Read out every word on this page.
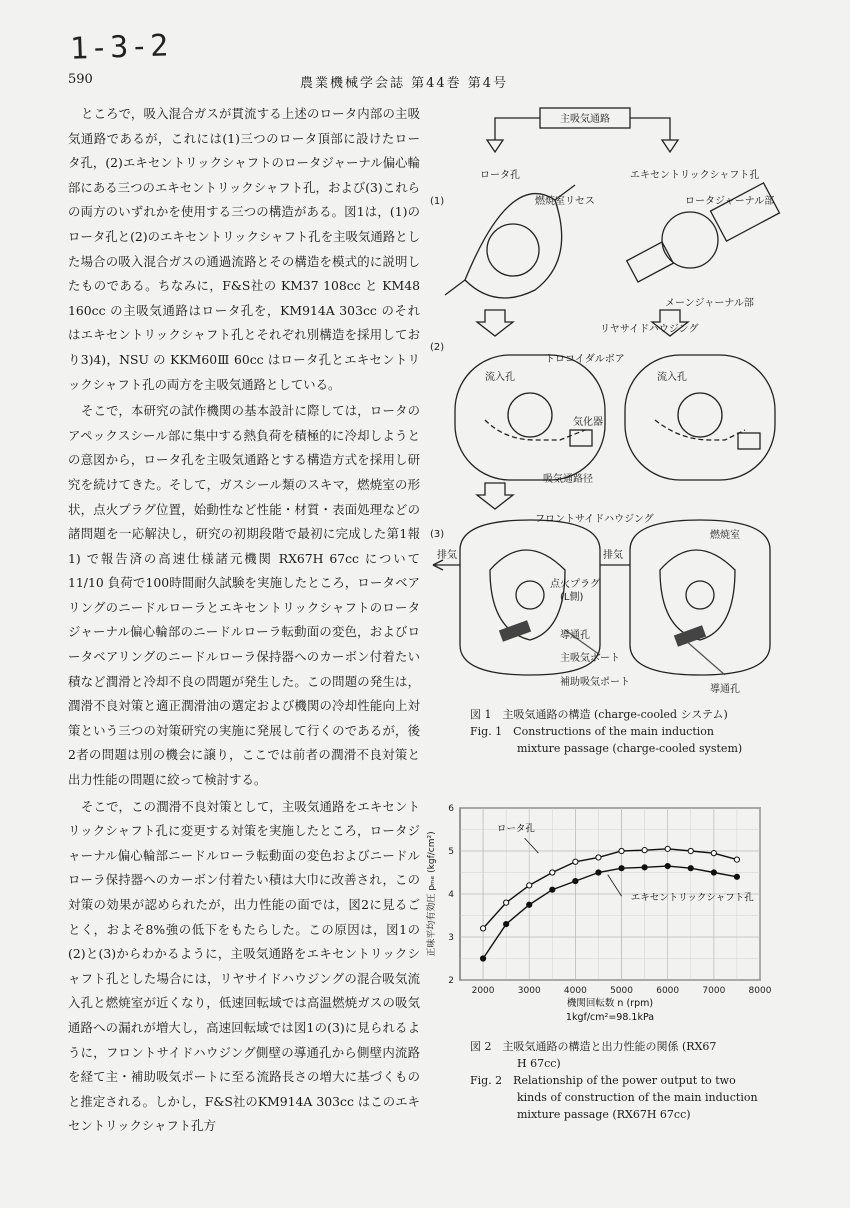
1-3-2
590	農業機械学会誌 第44巻 第4号

ところで，吸入混合ガスが貫流する上述のロータ内部の主吸気通路であるが，これには(1)三つのロータ頂部に設けたロータ孔，(2)エキセントリックシャフトのロータジャーナル偏心輪部にある三つのエキセントリックシャフト孔，および(3)これらの両方のいずれかを使用する三つの構造がある。図1は，(1)のロータ孔と(2)のエキセントリックシャフト孔を主吸気通路とした場合の吸入混合ガスの通過流路とその構造を模式的に説明したものである。ちなみに，F&S社の KM37 108cc と KM48 160cc の主吸気通路はロータ孔を，KM914A 303cc のそれはエキセントリックシャフト孔とそれぞれ別構造を採用しており3)4)，NSU の KKM60Ⅲ 60cc はロータ孔とエキセントリックシャフト孔の両方を主吸気通路としている。

そこで，本研究の試作機関の基本設計に際しては，ロータのアペックスシール部に集中する熱負荷を積極的に冷却しようとの意図から，ロータ孔を主吸気通路とする構造方式を採用し研究を続けてきた。そして，ガスシール類のスキマ，燃焼室の形状，点火プラグ位置，始動性など性能・材質・表面処理などの諸問題を一応解決し，研究の初期段階で最初に完成した第1報1) で報告済の高速仕様諸元機関 RX67H 67cc について 11/10 負荷で100時間耐久試験を実施したところ，ロータベアリングのニードルローラとエキセントリックシャフトのロータジャーナル偏心輪部のニードルローラ転動面の変色，およびロータベアリングのニードルローラ保持器へのカーボン付着たい積など潤滑と冷却不良の問題が発生した。この問題の発生は，潤滑不良対策と適正潤滑油の選定および機関の冷却性能向上対策という三つの対策研究の実施に発展して行くのであるが，後2者の問題は別の機会に譲り，ここでは前者の潤滑不良対策と出力性能の問題に絞って検討する。

そこで，この潤滑不良対策として，主吸気通路をエキセントリックシャフト孔に変更する対策を実施したところ，ロータジャーナル偏心輪部ニードルローラ転動面の変色およびニードルローラ保持器へのカーボン付着たい積は大巾に改善され，この対策の効果が認められたが，出力性能の面では，図2に見るごとく，およそ8%強の低下をもたらした。この原因は，図1の(2)と(3)からわかるように，主吸気通路をエキセントリックシャフト孔とした場合には，リヤサイドハウジングの混合吸気流入孔と燃焼室が近くなり，低速回転域では高温燃焼ガスの吸気通路への漏れが増大し，高速回転域では図1の(3)に見られるように，フロントサイドハウジング側壁の導通孔から側壁内流路を経て主・補助吸気ポートに至る流路長さの増大に基づくものと推定される。しかし，F&S社のKM914A 303cc はこのエキセントリックシャフト孔方

主吸気通路
ロータ孔	エキセントリックシャフト孔
(1)	燃焼室リセス	ロータジャーナル部
メーンジャーナル部
リヤサイドハウジング
(2)
トロコイダルボア
流入孔	流入孔
気化器
吸気通路径
(3)
フロントサイドハウジング
燃焼室
排気	排気
点火プラグ
(L側)
導通孔
導通孔
主吸気ポート
補助吸気ポート
図 1　主吸気通路の構造 (charge-cooled システム)
Fig. 1　Constructions of the main induction
mixture passage (charge-cooled system)
2000	3000	4000	5000	6000	7000	8000
2
3
4
5
6
ロータ孔
エキセントリックシャフト孔
機関回転数 n (rpm)
1kgf/cm²=98.1kPa
正味平均有効圧 pₘₑ (kgf/cm²)
図 2　主吸気通路の構造と出力性能の関係 (RX67
H 67cc)
Fig. 2　Relationship of the power output to two
kinds of construction of the main induction
mixture passage (RX67H 67cc)
